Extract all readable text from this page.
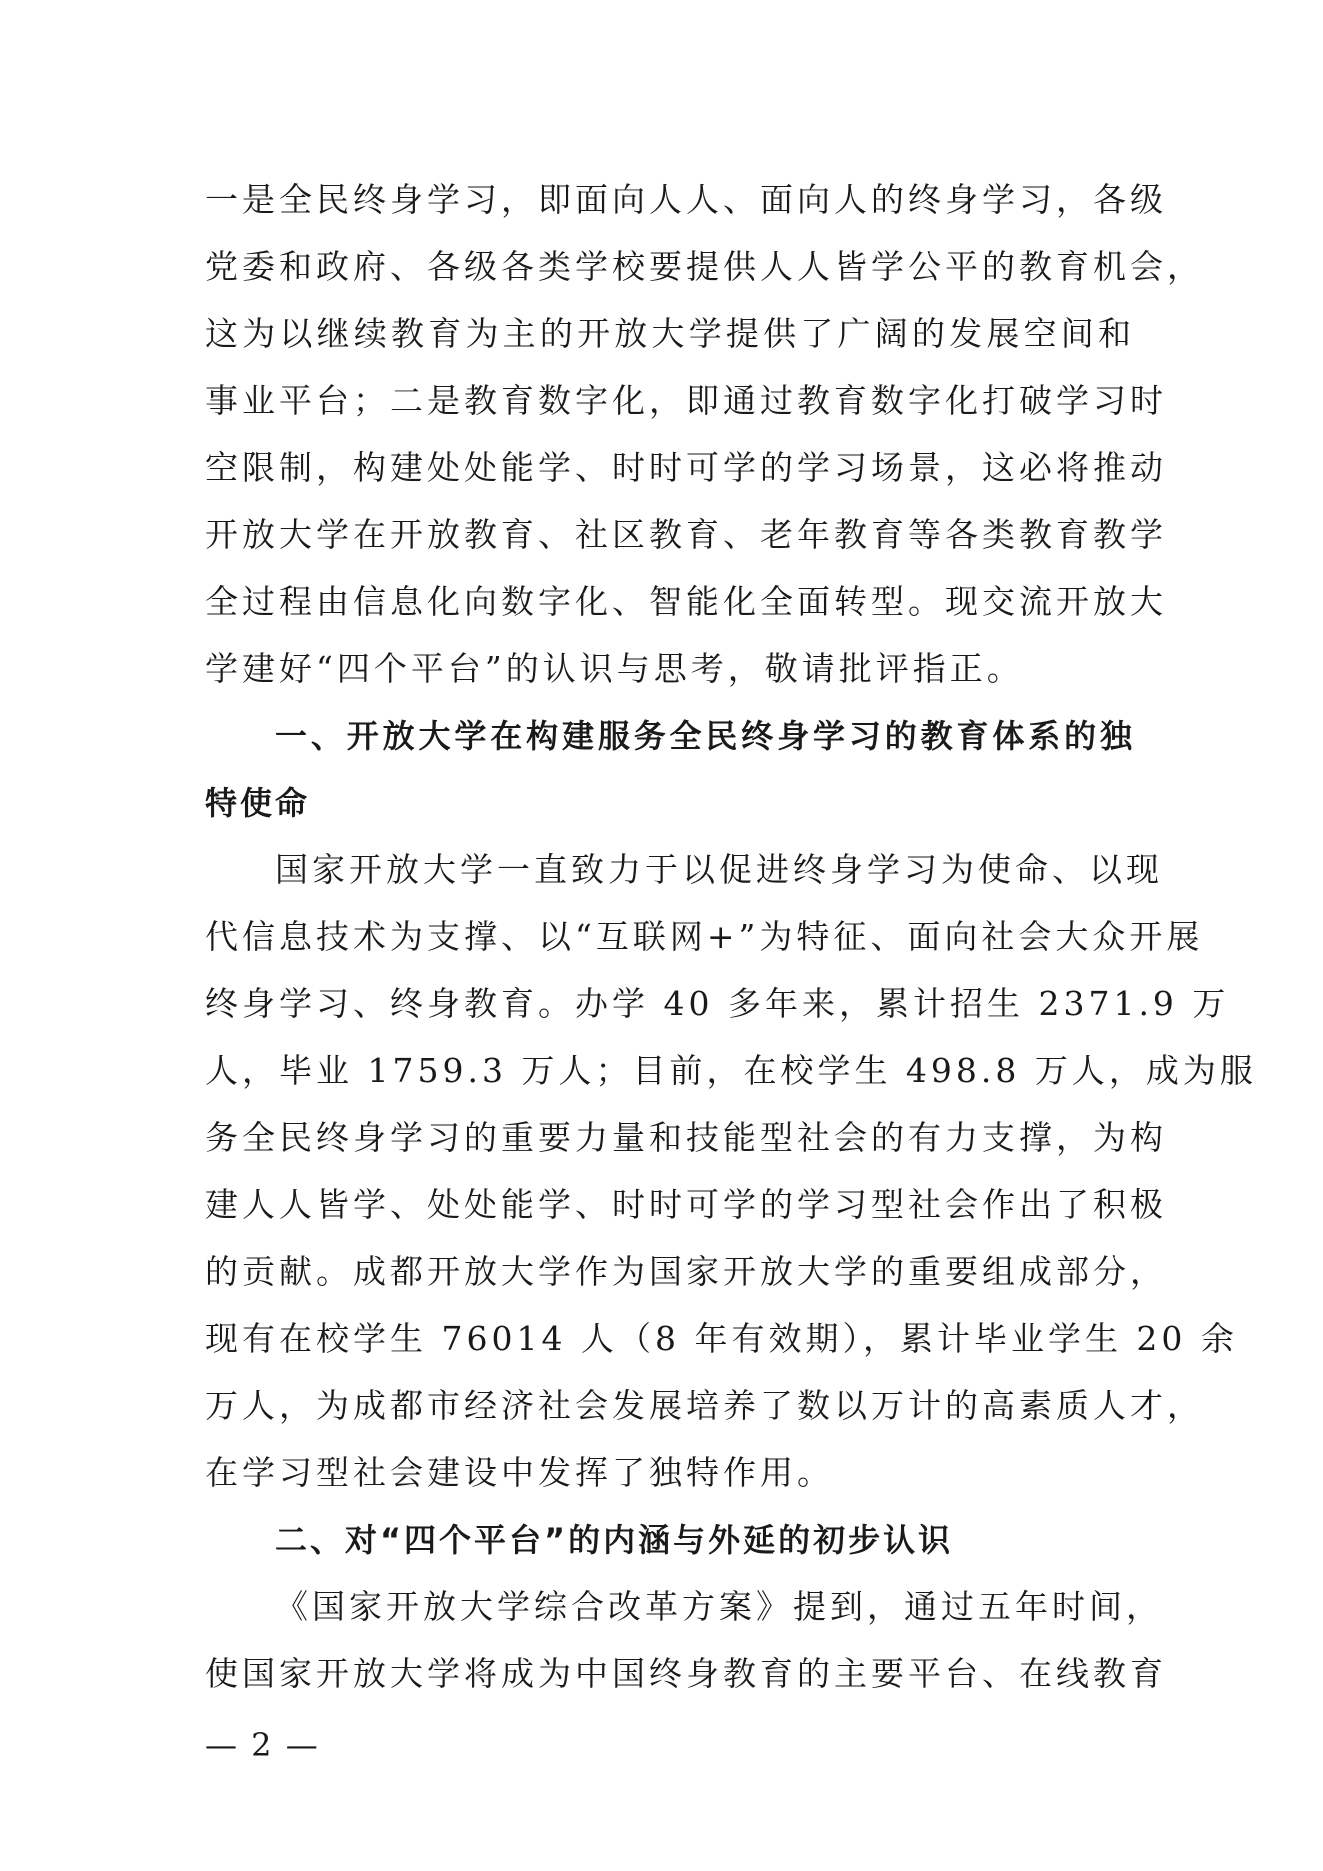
一是全民终身学习，即面向人人、面向人的终身学习，各级
党委和政府、各级各类学校要提供人人皆学公平的教育机会，
这为以继续教育为主的开放大学提供了广阔的发展空间和
事业平台；二是教育数字化，即通过教育数字化打破学习时
空限制，构建处处能学、时时可学的学习场景，这必将推动
开放大学在开放教育、社区教育、老年教育等各类教育教学
全过程由信息化向数字化、智能化全面转型。现交流开放大
学建好“四个平台”的认识与思考，敬请批评指正。
一、开放大学在构建服务全民终身学习的教育体系的独
特使命
国家开放大学一直致力于以促进终身学习为使命、以现
代信息技术为支撑、以“互联网+”为特征、面向社会大众开展
终身学习、终身教育。办学 40 多年来，累计招生 2371.9 万
人，毕业 1759.3 万人；目前，在校学生 498.8 万人，成为服
务全民终身学习的重要力量和技能型社会的有力支撑，为构
建人人皆学、处处能学、时时可学的学习型社会作出了积极
的贡献。成都开放大学作为国家开放大学的重要组成部分，
现有在校学生 76014 人（8 年有效期），累计毕业学生 20 余
万人，为成都市经济社会发展培养了数以万计的高素质人才，
在学习型社会建设中发挥了独特作用。
二、对“四个平台”的内涵与外延的初步认识
《国家开放大学综合改革方案》提到，通过五年时间，
使国家开放大学将成为中国终身教育的主要平台、在线教育
— 2 —
